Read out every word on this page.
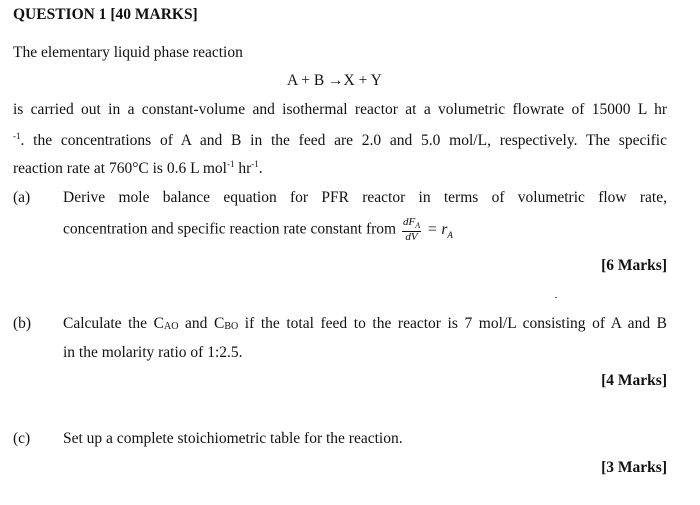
QUESTION 1 [40 MARKS]
The elementary liquid phase reaction
A + B →X + Y
is carried out in a constant-volume and isothermal reactor at a volumetric flowrate of 15000 L hr
$^{-1}$. the concentrations of A and B in the feed are 2.0 and 5.0 mol/L, respectively. The specific
reaction rate at 760°C is 0.6 L mol$^{-1}$ $hr^{-1}$.
(a) Derive mole balance equation for PFR reactor in terms of volumetric flow rate,
concentration and specific reaction rate constant from $\frac{dF_A}{dV} = r_A$
[6 Marks]
(b) Calculate the $C_{AO}$ and $C_{BO}$ if the total feed to the reactor is 7 mol/L consisting of A and B
in the molarity ratio of 1:2.5.
[4 Marks]
(c) Set up a complete stoichiometric table for the reaction.
[3 Marks]
